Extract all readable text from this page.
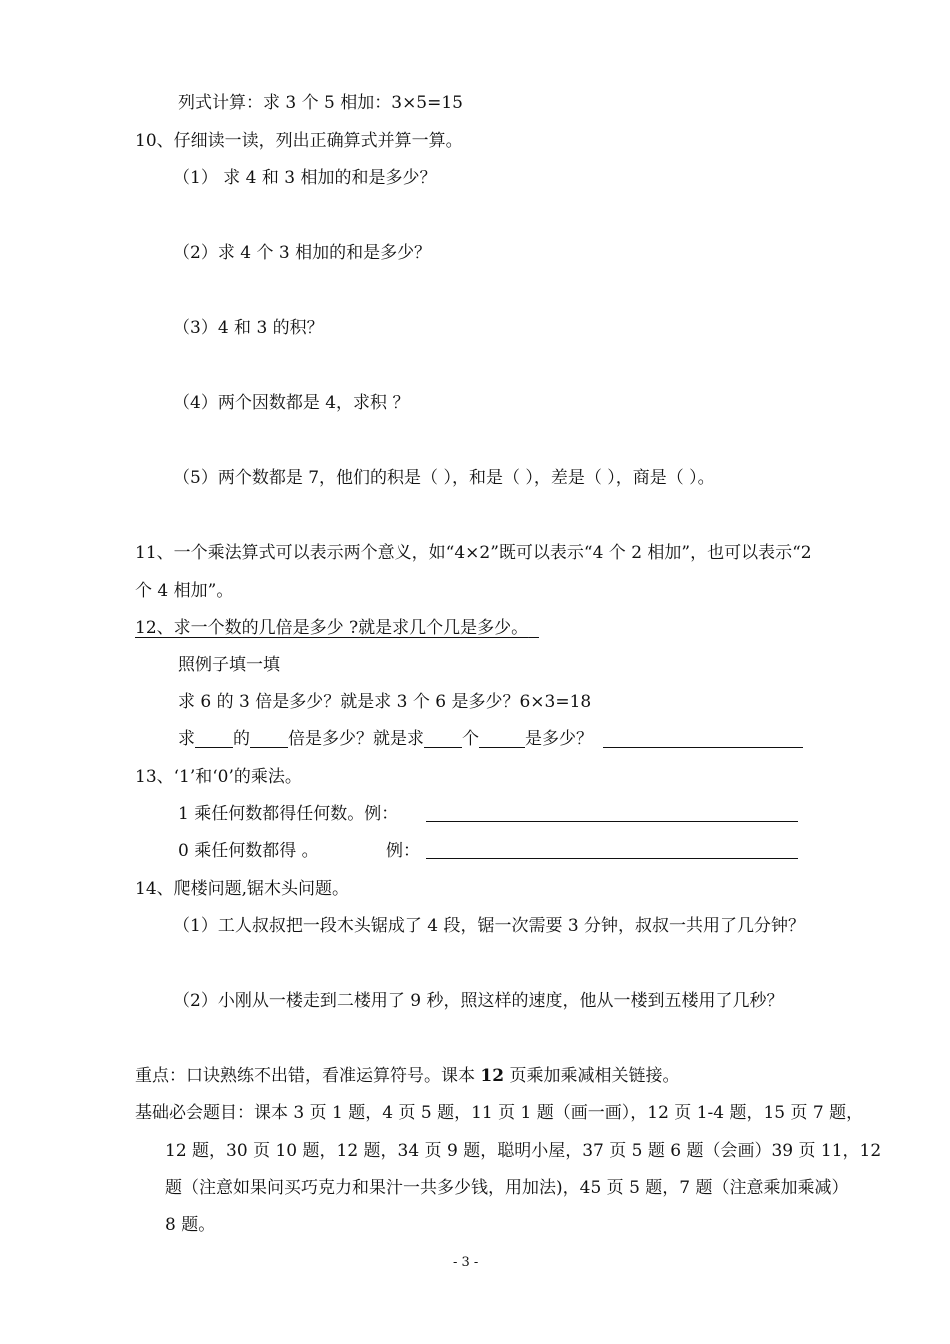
列式计算：求 3 个 5 相加：3×5=15
10、仔细读一读，列出正确算式并算一算。
（1） 求 4 和 3 相加的和是多少？
（2）求 4 个 3 相加的和是多少？
（3）4 和 3 的积？
（4）两个因数都是 4，求积 ？
（5）两个数都是 7，他们的积是（ ），和是（ ），差是（ ），商是（ ）。
11、一个乘法算式可以表示两个意义，如“4×2”既可以表示“4 个 2 相加”，也可以表示“2
个 4 相加”。
12、求一个数的几倍是多少 ?就是求几个几是多少。
照例子填一填
求 6 的 3 倍是多少？就是求 3 个 6 是多少？6×3=18
求 的 倍是多少？就是求 个	是多少？
13、‘1’和‘0’的乘法。
1 乘任何数都得任何数。例：
0 乘任何数都得 。	例：
14、爬楼问题,锯木头问题。
（1）工人叔叔把一段木头锯成了 4 段，锯一次需要 3 分钟，叔叔一共用了几分钟？
（2）小刚从一楼走到二楼用了 9 秒，照这样的速度，他从一楼到五楼用了几秒？
重点：口诀熟练不出错，看准运算符号。课本 12 页乘加乘减相关链接。
基础必会题目：课本 3 页 1 题，4 页 5 题，11 页 1 题（画一画），12 页 1-4 题，15 页 7 题，
12 题，30 页 10 题，12 题，34 页 9 题，聪明小屋，37 页 5 题 6 题（会画）39 页 11，12
题（注意如果问买巧克力和果汁一共多少钱，用加法)，45 页 5 题，7 题（注意乘加乘减）
8 题。
- 3 -
